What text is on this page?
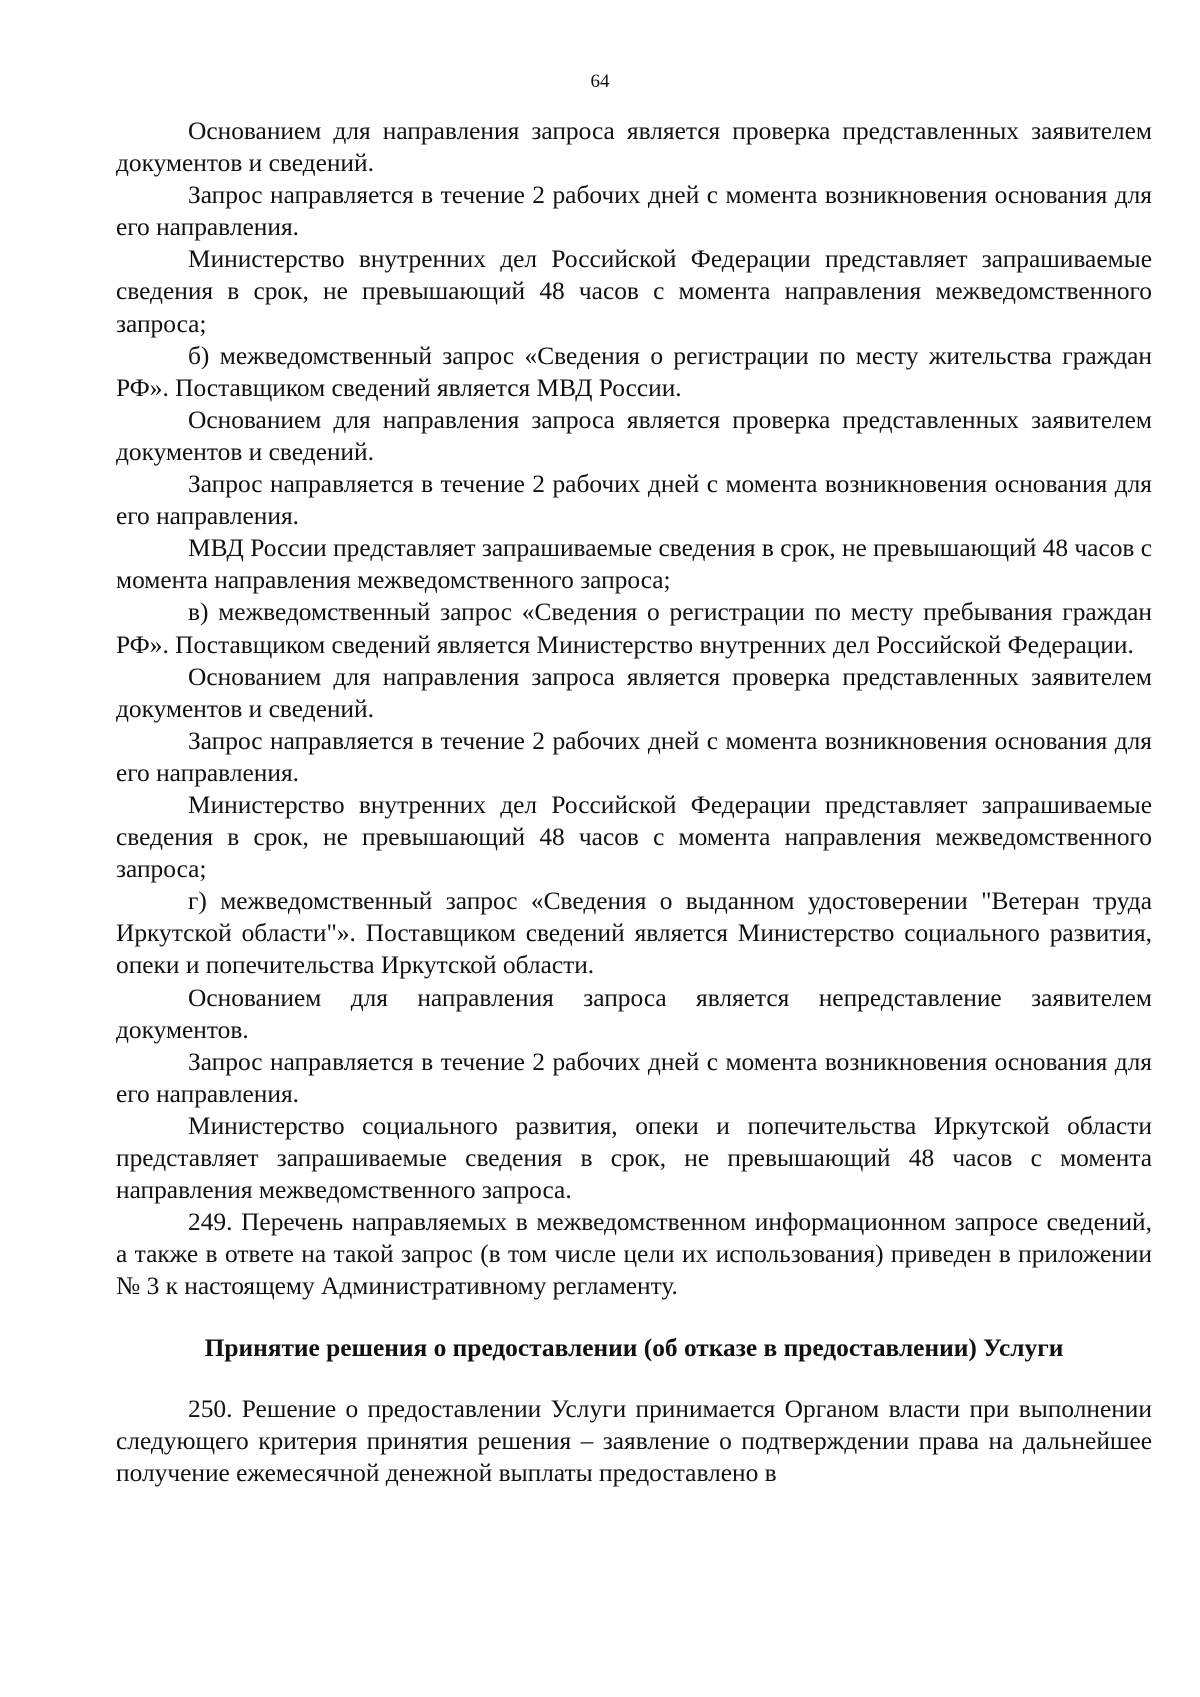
64

Основанием для направления запроса является проверка представленных заявителем документов и сведений.

Запрос направляется в течение 2 рабочих дней с момента возникновения основания для его направления.

Министерство внутренних дел Российской Федерации представляет запрашиваемые сведения в срок, не превышающий 48 часов с момента направления межведомственного запроса;

б) межведомственный запрос «Сведения о регистрации по месту жительства граждан РФ». Поставщиком сведений является МВД России.

Основанием для направления запроса является проверка представленных заявителем документов и сведений.

Запрос направляется в течение 2 рабочих дней с момента возникновения основания для его направления.

МВД России представляет запрашиваемые сведения в срок, не превышающий 48 часов с момента направления межведомственного запроса;

в) межведомственный запрос «Сведения о регистрации по месту пребывания граждан РФ». Поставщиком сведений является Министерство внутренних дел Российской Федерации.

Основанием для направления запроса является проверка представленных заявителем документов и сведений.

Запрос направляется в течение 2 рабочих дней с момента возникновения основания для его направления.

Министерство внутренних дел Российской Федерации представляет запрашиваемые сведения в срок, не превышающий 48 часов с момента направления межведомственного запроса;

г) межведомственный запрос «Сведения о выданном удостоверении "Ветеран труда Иркутской области"». Поставщиком сведений является Министерство социального развития, опеки и попечительства Иркутской области.

Основанием для направления запроса является непредставление заявителем документов.

Запрос направляется в течение 2 рабочих дней с момента возникновения основания для его направления.

Министерство социального развития, опеки и попечительства Иркутской области представляет запрашиваемые сведения в срок, не превышающий 48 часов с момента направления межведомственного запроса.

249. Перечень направляемых в межведомственном информационном запросе сведений, а также в ответе на такой запрос (в том числе цели их использования) приведен в приложении № 3 к настоящему Административному регламенту.

Принятие решения о предоставлении (об отказе в предоставлении) Услуги

250. Решение о предоставлении Услуги принимается Органом власти при выполнении следующего критерия принятия решения – заявление о подтверждении права на дальнейшее получение ежемесячной денежной выплаты предоставлено в
